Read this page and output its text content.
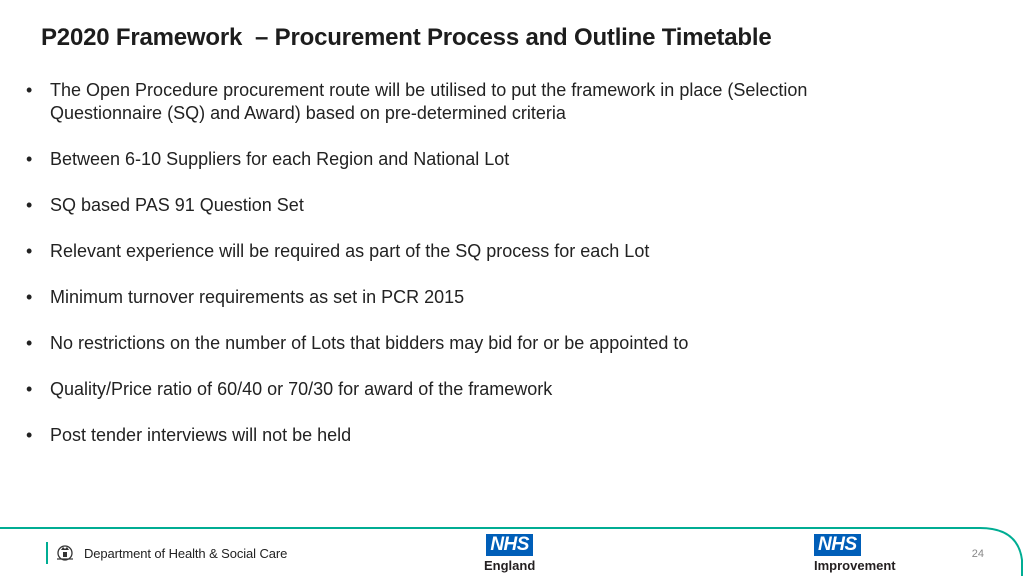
P2020 Framework  – Procurement Process and Outline Timetable
• The Open Procedure procurement route will be utilised to put the framework in place (Selection Questionnaire (SQ) and Award) based on pre-determined criteria
• Between 6-10 Suppliers for each Region and National Lot
• SQ based PAS 91 Question Set
• Relevant experience will be required as part of the SQ process for each Lot
• Minimum turnover requirements as set in PCR 2015
• No restrictions on the number of Lots that bidders may bid for or be appointed to
• Quality/Price ratio of 60/40 or 70/30 for award of the framework
• Post tender interviews will not be held
Department of Health & Social Care	NHS
England
NHS
Improvement
24
